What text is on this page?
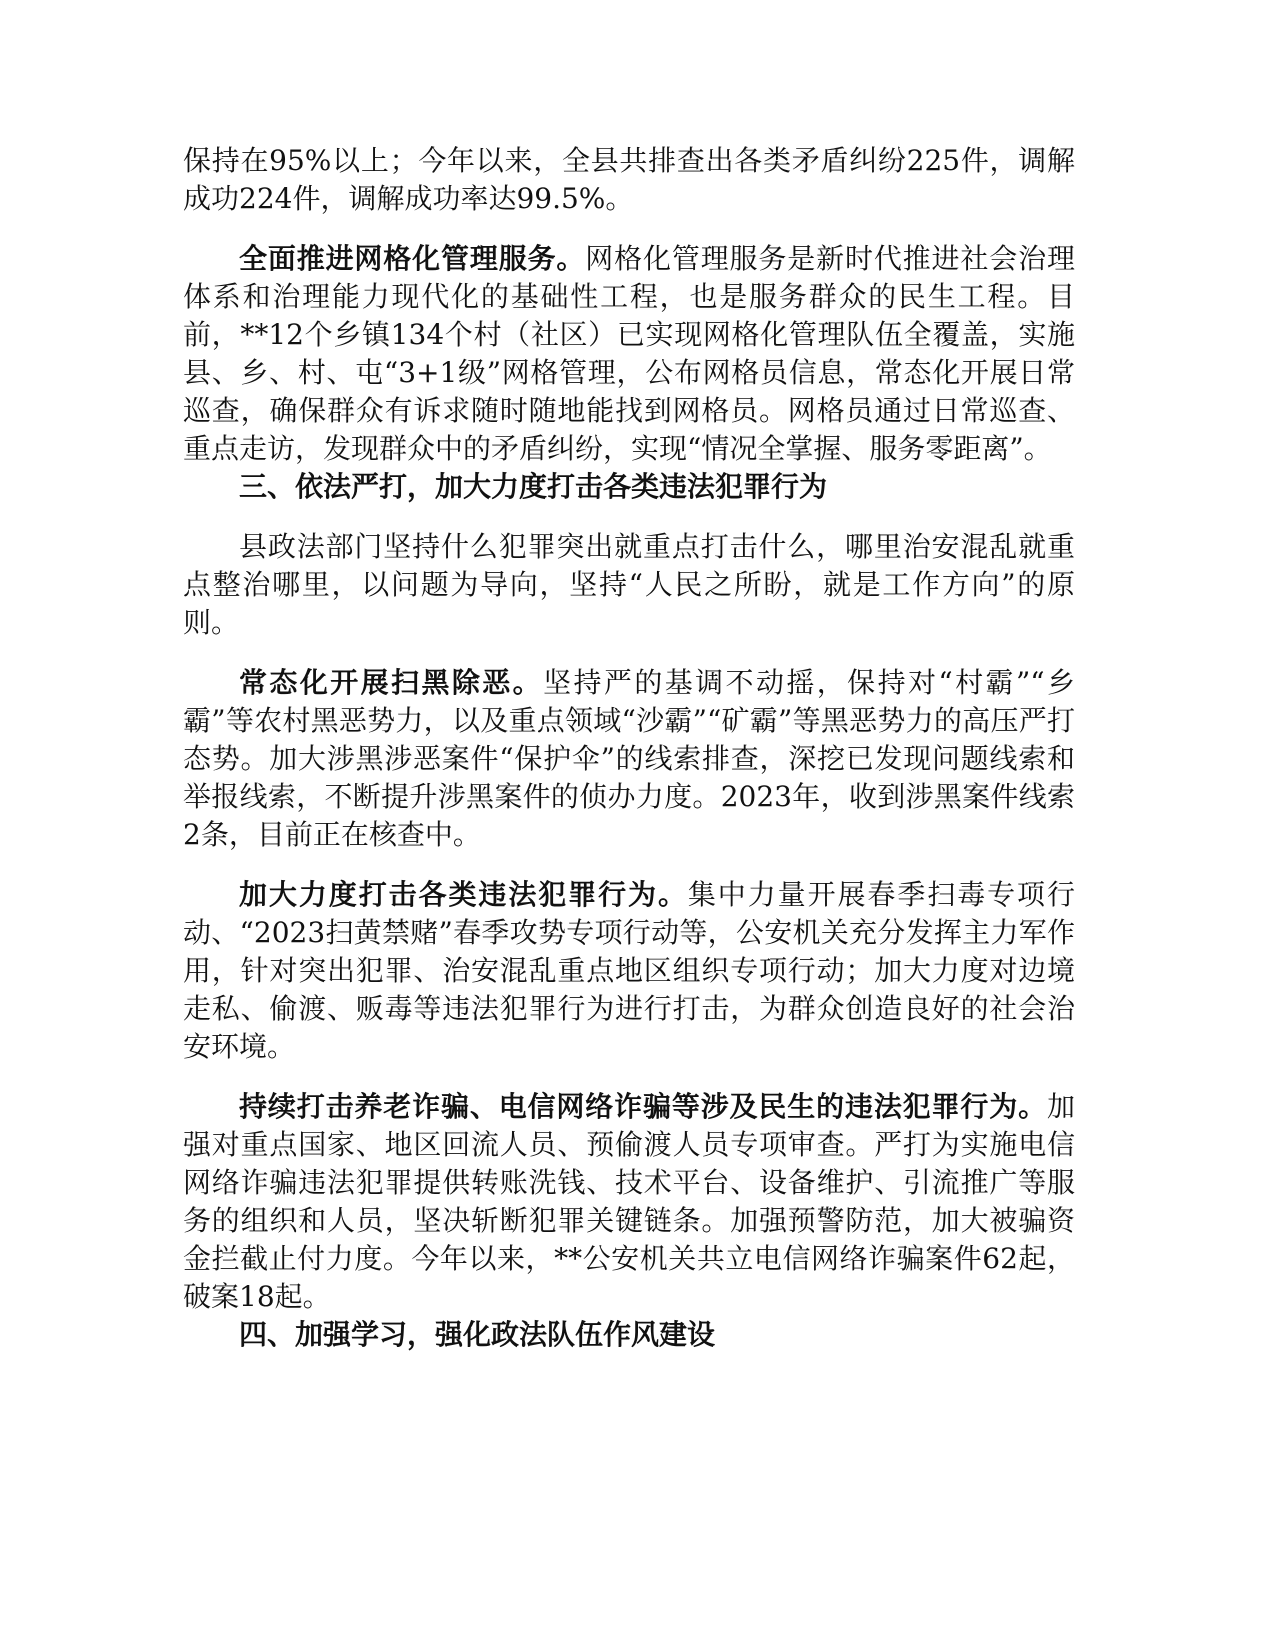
保持在95%以上；今年以来，全县共排查出各类矛盾纠纷225件，调解成功224件，调解成功率达99.5%。

全面推进网格化管理服务。网格化管理服务是新时代推进社会治理体系和治理能力现代化的基础性工程，也是服务群众的民生工程。目前，**12个乡镇134个村（社区）已实现网格化管理队伍全覆盖，实施县、乡、村、屯“3+1级”网格管理，公布网格员信息，常态化开展日常巡查，确保群众有诉求随时随地能找到网格员。网格员通过日常巡查、重点走访，发现群众中的矛盾纠纷，实现“情况全掌握、服务零距离”。

三、依法严打，加大力度打击各类违法犯罪行为

县政法部门坚持什么犯罪突出就重点打击什么，哪里治安混乱就重点整治哪里，以问题为导向，坚持“人民之所盼，就是工作方向”的原则。

常态化开展扫黑除恶。坚持严的基调不动摇，保持对“村霸”“乡霸”等农村黑恶势力，以及重点领域“沙霸”“矿霸”等黑恶势力的高压严打态势。加大涉黑涉恶案件“保护伞”的线索排查，深挖已发现问题线索和举报线索，不断提升涉黑案件的侦办力度。2023年，收到涉黑案件线索2条，目前正在核查中。

加大力度打击各类违法犯罪行为。集中力量开展春季扫毒专项行动、“2023扫黄禁赌”春季攻势专项行动等，公安机关充分发挥主力军作用，针对突出犯罪、治安混乱重点地区组织专项行动；加大力度对边境走私、偷渡、贩毒等违法犯罪行为进行打击，为群众创造良好的社会治安环境。

持续打击养老诈骗、电信网络诈骗等涉及民生的违法犯罪行为。加强对重点国家、地区回流人员、预偷渡人员专项审查。严打为实施电信网络诈骗违法犯罪提供转账洗钱、技术平台、设备维护、引流推广等服务的组织和人员，坚决斩断犯罪关键链条。加强预警防范，加大被骗资金拦截止付力度。今年以来，**公安机关共立电信网络诈骗案件62起，破案18起。

四、加强学习，强化政法队伍作风建设
